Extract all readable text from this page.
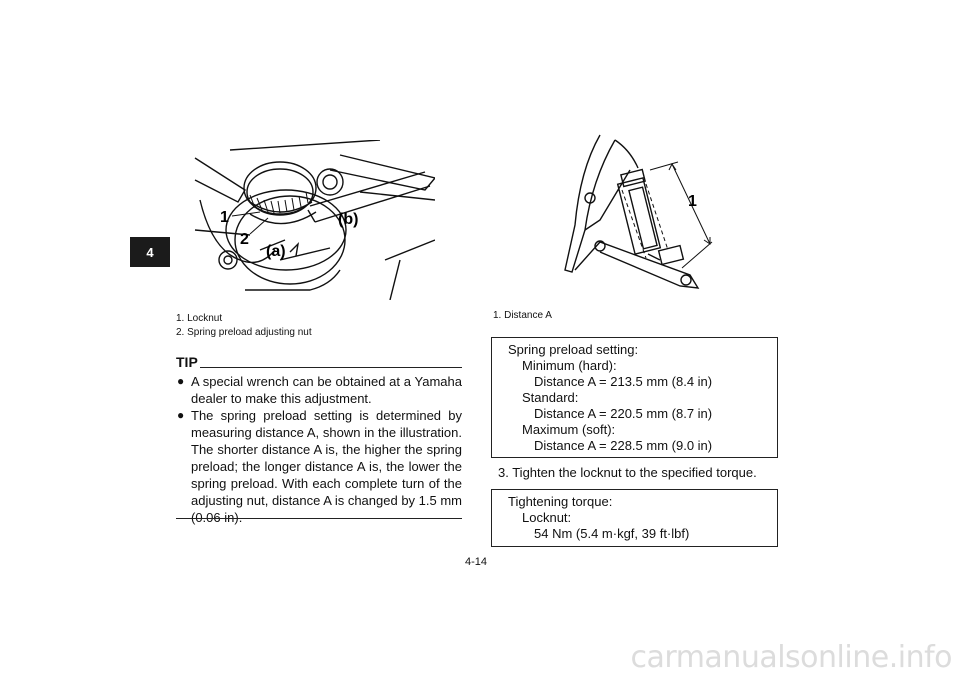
4
1
2
(a)
(b)
1. Locknut
2. Spring preload adjusting nut
1
1. Distance A
TIP
● A special wrench can be obtained at a Yamaha dealer to make this adjustment.
● The spring preload setting is determined by measuring distance A, shown in the illustration. The shorter distance A is, the higher the spring preload; the longer distance A is, the lower the spring preload. With each complete turn of the adjusting nut, distance A is changed by 1.5 mm (0.06 in).
Spring preload setting:
Minimum (hard):
Distance A = 213.5 mm (8.4 in)
Standard:
Distance A = 220.5 mm (8.7 in)
Maximum (soft):
Distance A = 228.5 mm (9.0 in)
3. Tighten the locknut to the specified torque.
Tightening torque:
Locknut:
54 Nm (5.4 m·kgf, 39 ft·lbf)
4-14
carmanualsonline.info
